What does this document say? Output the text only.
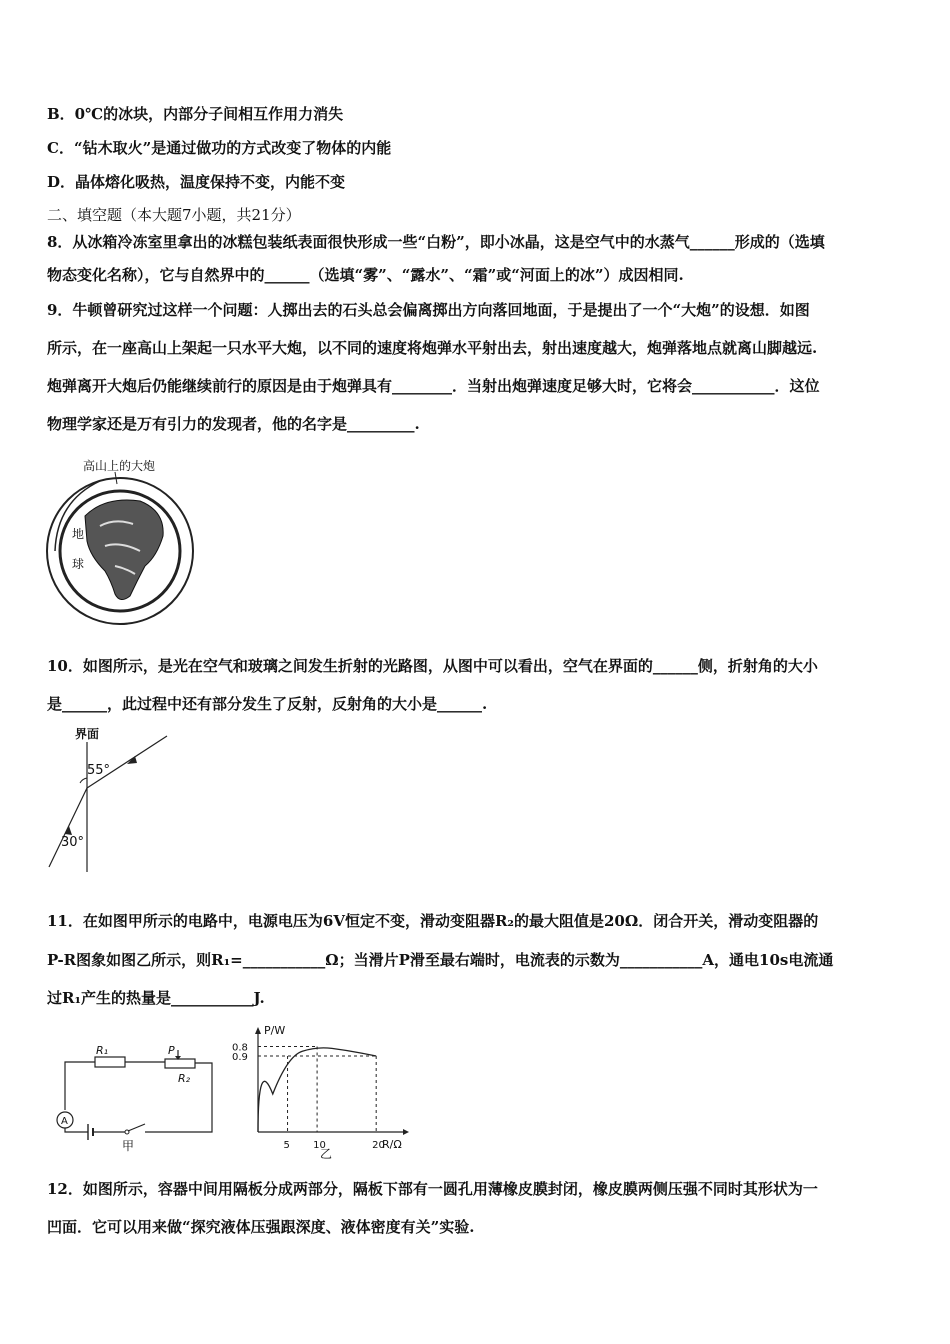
B．0℃的冰块，内部分子间相互作用力消失
C．“钻木取火”是通过做功的方式改变了物体的内能
D．晶体熔化吸热，温度保持不变，内能不变
二、填空题（本大题7小题，共21分）
8．从冰箱冷冻室里拿出的冰糕包装纸表面很快形成一些“白粉”，即小冰晶，这是空气中的水蒸气______形成的（选填
物态变化名称），它与自然界中的______（选填“雾”、“露水”、“霜”或“河面上的冰”）成因相同.
9．牛顿曾研究过这样一个问题：人掷出去的石头总会偏离掷出方向落回地面，于是提出了一个“大炮”的设想．如图
所示，在一座高山上架起一只水平大炮，以不同的速度将炮弹水平射出去，射出速度越大，炮弹落地点就离山脚越远.
炮弹离开大炮后仍能继续前行的原因是由于炮弹具有________．当射出炮弹速度足够大时，它将会___________．这位
物理学家还是万有引力的发现者，他的名字是_________.
高山上的大炮
地
球
10．如图所示，是光在空气和玻璃之间发生折射的光路图，从图中可以看出，空气在界面的______侧，折射角的大小
是______，此过程中还有部分发生了反射，反射角的大小是______.
界面
55°
30°
11．在如图甲所示的电路中，电源电压为6V恒定不变，滑动变阻器R₂的最大阻值是20Ω．闭合开关，滑动变阻器的
P-R图象如图乙所示，则R₁=___________Ω；当滑片P滑至最右端时，电流表的示数为___________A，通电10s电流通
过R₁产生的热量是___________J.
R₁	P
R₂
A
甲
P/W
R/Ω
乙
0.9
0.8
5 10	20
12．如图所示，容器中间用隔板分成两部分，隔板下部有一圆孔用薄橡皮膜封闭，橡皮膜两侧压强不同时其形状为一
凹面．它可以用来做“探究液体压强跟深度、液体密度有关”实验.
